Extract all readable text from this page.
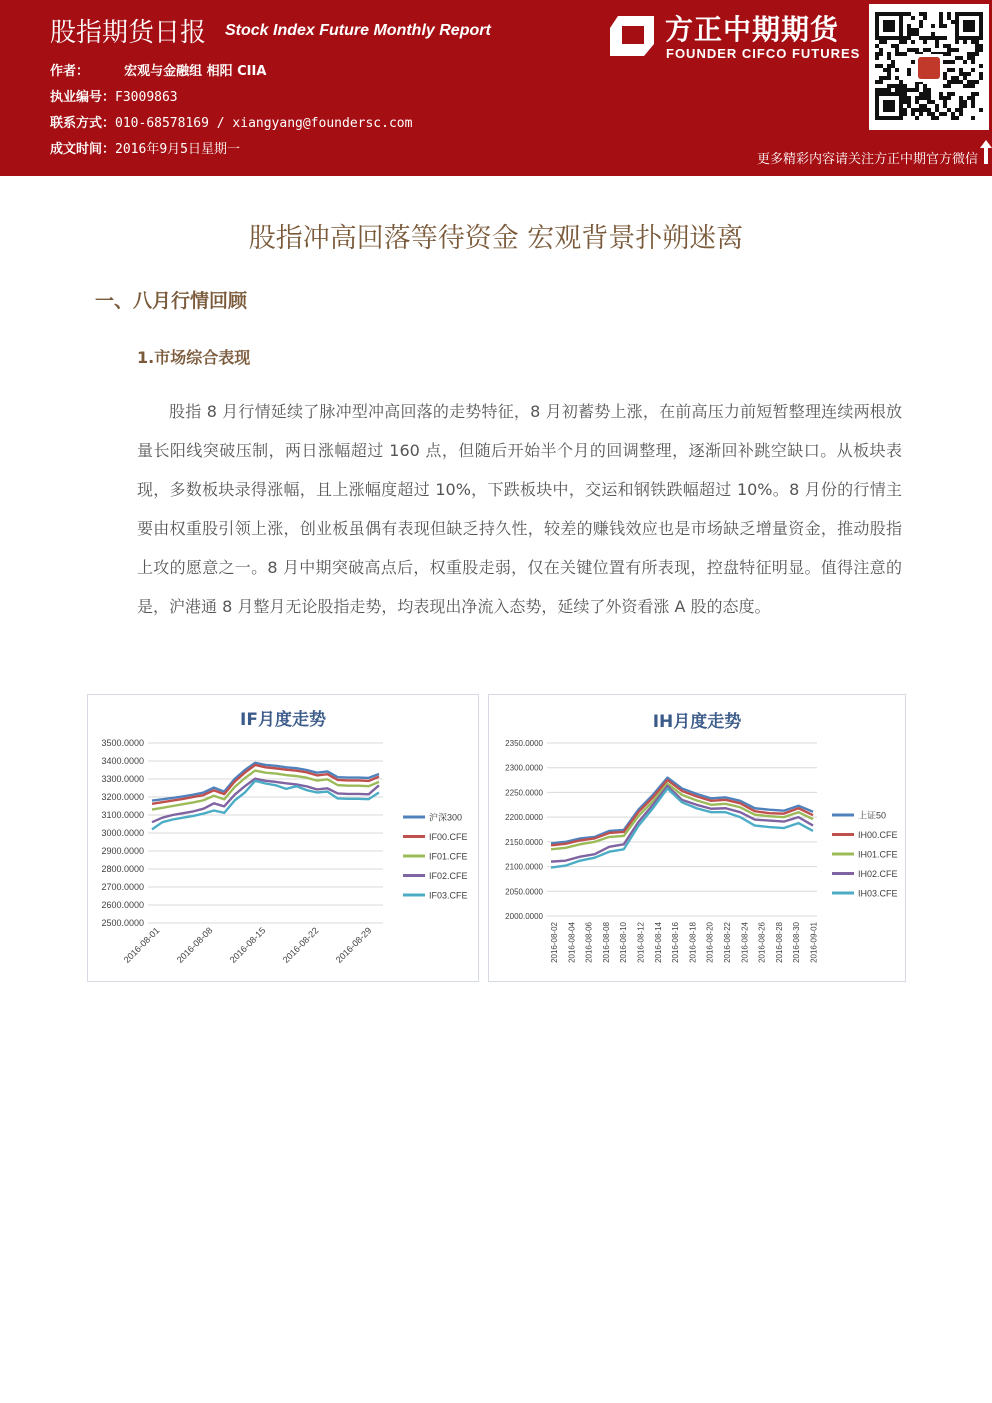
股指期货日报 Stock Index Future Monthly Report
作者：	宏观与金融组 相阳 CIIA
执业编号：F3009863
联系方式：010-68578169 / xiangyang@foundersc.com
成文时间：2016年9月5日星期一
方正中期期货
FOUNDER CIFCO FUTURES
更多精彩内容请关注方正中期官方微信
股指冲高回落等待资金 宏观背景扑朔迷离
一、八月行情回顾
1.市场综合表现
股指 8 月行情延续了脉冲型冲高回落的走势特征，8 月初蓄势上涨，在前高压力前短暂整理连续两根放量长阳线突破压制，两日涨幅超过 160 点，但随后开始半个月的回调整理，逐渐回补跳空缺口。从板块表现，多数板块录得涨幅，且上涨幅度超过 10%，下跌板块中，交运和钢铁跌幅超过 10%。8 月份的行情主要由权重股引领上涨，创业板虽偶有表现但缺乏持久性，较差的赚钱效应也是市场缺乏增量资金，推动股指上攻的愿意之一。8 月中期突破高点后，权重股走弱，仅在关键位置有所表现，控盘特征明显。值得注意的是，沪港通 8 月整月无论股指走势，均表现出净流入态势，延续了外资看涨 A 股的态度。
IF月度走势
3500.0000
3400.0000
3300.0000
3200.0000
3100.0000
3000.0000
2900.0000
2800.0000
2700.0000
2600.0000
2500.0000
2016-08-01 2016-08-08 2016-08-15 2016-08-22 2016-08-29
沪深300
IF00.CFE
IF01.CFE
IF02.CFE
IF03.CFE
IH月度走势
2350.0000
2300.0000
2250.0000
2200.0000
2150.0000
2100.0000
2050.0000
2000.0000
2016-08-02 2016-08-04 2016-08-06 2016-08-08 2016-08-10 2016-08-12 2016-08-14 2016-08-16 2016-08-18 2016-08-20 2016-08-22 2016-08-24 2016-08-26 2016-08-28 2016-08-30 2016-09-01
上证50
IH00.CFE
IH01.CFE
IH02.CFE
IH03.CFE
